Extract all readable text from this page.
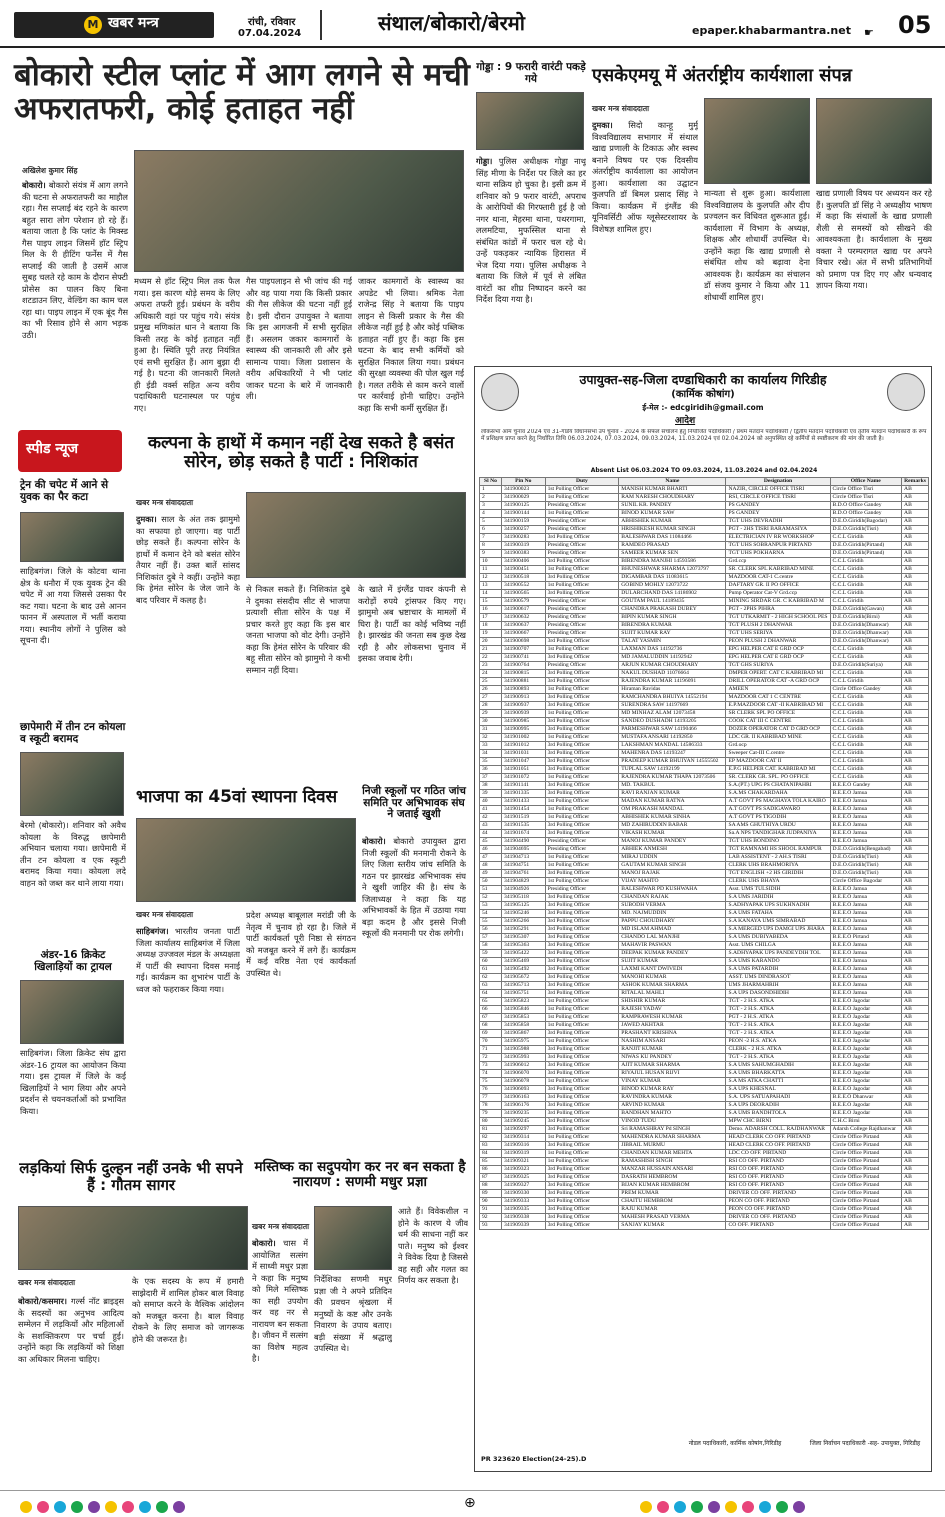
M खबर मन्त्र	रांची, रविवार
07.04.2024	संथाल/बोकारो/बेरमो	epaper.khabarmantra.net ☛ 05
बोकारो स्टील प्लांट में आग लगने से मची अफरातफरी, कोई हताहत नहीं
अखिलेश कुमार सिंह
बोकारो। बोकारो संयंत्र में आग लगने की घटना से अफरातफरी का माहौल रहा। गैस सप्लाई बंद रहने के कारण बहुत सारा लोग परेशान हो रहे हैं। बताया जाता है कि प्लांट के मिक्स्ड गैस पाइप लाइन जिसमें हॉट स्ट्रिप मिल के री हीटिंग फर्नेस में गैस सप्लाई की जाती है उसमें आज सुबह चलते रहे काम के दौरान सेफ्टी प्रोसेस का पालन किए बिना शटडाउन लिए, वेल्डिंग का काम चल रहा था। पाइप लाइन में एक बूंद गैस का भी रिसाव होने से आग भड़क उठी।
मध्यम से हॉट स्ट्रिप मिल तक फैल गया। इस कारण थोड़े समय के लिए अफरा तफरी हुई। प्रबंधन के वरीय अधिकारी वहां पर पहुंच गये। संयंत्र प्रमुख मणिकांत धान ने बताया कि किसी तरह के कोई हताहत नहीं हुआ है। स्थिति पूरी तरह नियंत्रित एवं सभी सुरक्षित हैं। आग बुझा दी गई है। घटना की जानकारी मिलते ही ईडी वर्क्स सहित अन्य वरीय पदाधिकारी घटनास्थल पर पहुंच गए।
गैस पाइपलाइन से भी जांच की गई और वह पाया गया कि किसी प्रकार की गैस लीकेज की घटना नहीं हुई है। इसी दौरान उपायुक्त ने बताया कि इस आगजनी में सभी सुरक्षित हैं। असलम जकार कामगारों के स्वास्थ्य की जानकारी ली और इसे सामान्य पाया। जिला प्रशासन के वरीय अधिकारियों ने भी प्लांट जाकर घटना के बारे में जानकारी ली।
जाकर कामगारों के स्वास्थ्य का अपडेट भी लिया। श्रमिक नेता राजेन्द्र सिंह ने बताया कि पाइप लाइन से किसी प्रकार के गैस की लीकेज नहीं हुई है और कोई पब्लिक हताहत नहीं हुए हैं। कहा कि इस घटना के बाद सभी कर्मियों को सुरक्षित निकाल लिया गया। प्रबंधन की सुरक्षा व्यवस्था की पोल खुल गई है। गलत तरीके से काम करने वालों पर कार्रवाई होनी चाहिए। उन्होंने कहा कि सभी कर्मी सुरक्षित हैं।
गोड्डा : 9 फरारी वारंटी पकड़े गये
गोड्डा। पुलिस अधीक्षक गोड्डा नाथू सिंह मीणा के निर्देश पर जिले का हर थाना सक्रिय हो चुका है। इसी क्रम में शनिवार को 9 फरार वारंटी, अपराध के आरोपियों की गिरफ्तारी हुई है जो नगर थाना, मेहरमा थाना, पथरगामा, ललमटिया, मुफस्सिल थाना से संबंधित कांडों में फरार चल रहे थे। उन्हें पकड़कर न्यायिक हिरासत में भेज दिया गया। पुलिस अधीक्षक ने बताया कि जिले में पूर्व से लंबित वारंटों का शीघ्र निष्पादन करने का निर्देश दिया गया है।
एसकेएमयू में अंतर्राष्ट्रीय कार्यशाला संपन्न
खबर मन्त्र संवाददाता
दुमका। सिदो कान्हू मुर्मू विश्वविद्यालय सभागार में संथाल खाद्य प्रणाली के टिकाऊ और स्वस्थ बनाने विषय पर एक दिवसीय अंतर्राष्ट्रीय कार्यशाला का आयोजन हुआ। कार्यशाला का उद्घाटन कुलपति डॉ बिमल प्रसाद सिंह ने किया। कार्यक्रम में इंग्लैंड की यूनिवर्सिटी ऑफ ग्लूसेस्टरशायर के विशेषज्ञ शामिल हुए।
मान्यता से शुरू हुआ। कार्यशाला विश्वविद्यालय के कुलपति और दीप प्रज्वलन कर विधिवत शुरूआत हुई। कार्यशाला में विभाग के अध्यक्ष, शिक्षक और शोधार्थी उपस्थित थे। उन्होंने कहा कि खाद्य प्रणाली से संबंधित शोध को बढ़ावा देना आवश्यक है। कार्यक्रम का संचालन डॉ संजय कुमार ने किया और 11 शोधार्थी शामिल हुए।
खाद्य प्रणाली विषय पर अध्ययन कर रहे हैं। कुलपति डॉ सिंह ने अध्यक्षीय भाषण में कहा कि संथालों के खाद्य प्रणाली शैली से समस्यों को सीखने की आवश्यकता है। कार्यशाला के मुख्य वक्ता ने परम्परागत खाद्य पर अपने विचार रखे। अंत में सभी प्रतिभागियों को प्रमाण पत्र दिए गए और धन्यवाद ज्ञापन किया गया।
उपायुक्त-सह-जिला दण्डाधिकारी का कार्यालय गिरिडीह
(कार्मिक कोषांग)
ई-मेल :- edcgiridih@gmail.com
आदेश
लोकसभा आम चुनाव 2024 एवं 31-गांडेय विधानसभा उप चुनाव - 2024 के सफल संचालन हेतु नियोजित पदाधिकारी / प्रथम मतदान पदाधिकारी / द्वितीय मतदान पदाधिकारी एवं तृतीय मतदान पदाधिकारी के रूप में प्रशिक्षण प्राप्त करने हेतु निर्धारित तिथि 06.03.2024, 07.03.2024, 09.03.2024, 11.03.2024 एवं 02.04.2024 को अनुपस्थित रहे कर्मियों से स्पष्टीकरण की मांग की जाती है।
Absent List 06.03.2024 TO 09.03.2024, 11.03.2024 and 02.04.2024
Sl No	Pin No	Duty	Name	Designation	Office Name	Remarks
1	341900023	1st Polling Officer	MANISH KUMAR BHARTI	NAZIR, CIRCLE OFFICE TISRI	Circle Office Tisri	AB
2	341900029	1st Polling Officer	RAM NARESH CHOUDHARY	RSI, CIRCLE OFFICE TISRI	Circle Office Tisri	AB
3	341900125	Presiding Officer	SUNIL KR. PANDEY	PS GANDEY	B.D.O Office Gandey	AB
4	341900144	1st Polling Officer	BINOD KUMAR SAW	PS GANDEY	B.D.O Office Gandey	AB
5	341900159	Presiding Officer	ABHISHEK KUMAR	TGT UHS DEVRADIH	D.E.O.Giridih(Bagodar)	AB
6	341900257	Presiding Officer	HRISHIKESH KUMAR SINGH	PGT - 2HS TISRI BARAMASIYA	D.E.O.Giridih(Tisri)	AB
7	341900283	3rd Polling Officer	BALESHWAR DAS 11084466	ELECTRICIAN IV RR WORKSHOP	C.C.L Giridih	AB
8	341900319	Presiding Officer	RAMDEO PRASAD	TGT UHS SOBRANPUR PIRTAND	D.E.O.Giridih(Pirtand)	AB
9	341900383	Presiding Officer	SAMEER KUMAR SEN	TGT UHS POKHARNA	D.E.O.Giridih(Pirtand)	AB
10	341900406	3rd Polling Officer	BIRENDRA MANJHI 14593586	Grd.ccp	C.C.L Giridih	AB
11	341900451	1st Polling Officer	BHUNESHWAR SHARMA 12073797	SR. CLERK SPL KABRIBAD MINE	C.C.L Giridih	AB
12	341900518	3rd Polling Officer	DIGAMBAR DAS 11083615	MAZDOOR CAT-1 C.centre	C.C.L Giridih	AB
13	341900552	1st Polling Officer	GOBIND MOHLY 12073722	DAFTARY GR. II PO OFFICE	C.C.L Giridih	AB
14	341900565	3rd Polling Officer	DULARCHAND DAS 14186902	Pump Operator Cat-V Grd.ccp	C.C.L Giridih	AB
15	341900579	Presiding Officer	GOUTAM PAUL 14189435	MINING SIRDAR GR. C KABRIBAD M	C.C.L Giridih	AB
16	341900617	Presiding Officer	CHANDRA PRAKASH DUBEY	PGT - 2PHS PIHRA	D.E.O.Giridih(Gawan)	AB
17	341900632	Presiding Officer	BIPIN KUMAR SINGH	TGT UTKARMIT - 2 HIGH SCHOOL PES	D.E.O.Giridih(Birni)	AB
18	341900637	Presiding Officer	BIRENDRA KUMAR	TGT PLUSH 2 DHANWAR	D.E.O.Giridih(Dhanwar)	AB
19	341900667	Presiding Officer	SUJIT KUMAR RAY	TGT UHS SERIYA	D.E.O.Giridih(Dhanwar)	AB
20	341900698	3rd Polling Officer	TALAT YASMIN	PEON PLUSH 2 DHANWAR	D.E.O.Giridih(Dhanwar)	AB
21	341900707	1st Polling Officer	LAXMAN DAS 14192736	EPG HELPER CAT E GRD OCP	C.C.L Giridih	AB
22	341900741	3rd Polling Officer	MD JAMALUDDIN 14192942	EPG HELPER CAT E GRD OCP	C.C.L Giridih	AB
23	341900764	Presiding Officer	ARJUN KUMAR CHOUDHARY	TGT GHS SURIYA	D.E.O.Giridih(Suriya)	AB
24	341900815	3rd Polling Officer	NAKUL DUSHAD 11076664	DMPER OPERT. CAT C KABRIBAD MI	C.C.L Giridih	AB
25	341900881	3rd Polling Officer	RAJENDRA KUMAR 14196091	DRILL OPERATOR CAT -A GRD OCP	C.C.L Giridih	AB
26	341900893	1st Polling Officer	Hiraman Ravidas	AMEEN	Circle Office Gandey	AB
27	341900913	3rd Polling Officer	RAMCHANDRA BHUIYA 14552194	MAZDOOR CAT 1 C CENTRE	C.C.L Giridih	AB
28	341900937	3rd Polling Officer	SURENDRA SAW 14197669	E.P.MAZDOOR CAT -II KABRIBAD MI	C.C.L Giridih	AB
29	341900939	1st Polling Officer	MD MINHAZ ALAM 12073458	SR CLERK SPL PO OFFICE	C.C.L Giridih	AB
30	341900985	3rd Polling Officer	SANDEO DUSHADH 14193205	COOK CAT III C CENTRE	C.C.L Giridih	AB
31	341900995	3rd Polling Officer	PARMESHWAR SAW 14190466	DOZER OPERATOR CAT D GRD OCP	C.C.L Giridih	AB
32	341901002	1st Polling Officer	MUSTAFA ANSARI 14192850	LDC GR. II KABRIBAD MINE	C.C.L Giridih	AB
33	341901012	3rd Polling Officer	LAKSHMAN MANDAL 14586333	Grd.ocp	C.C.L Giridih	AB
34	341901031	3rd Polling Officer	MAHENRA DAS 14193247	Sweeper Cat-III C.centre	C.C.L Giridih	AB
35	341901047	3rd Polling Officer	PRADEEP KUMAR BHUIYAN 14555502	EP MAZDOOR CAT II	C.C.L Giridih	AB
36	341901051	3rd Polling Officer	TUPLAL SAW 14192199	E.P.G HELPER CAT. KABRIBAD MI	C.C.L Giridih	AB
37	341901072	1st Polling Officer	RAJENDRA KUMAR THAPA 12073506	SR. CLERK GR. SPL. PO OFFICE	C.C.L Giridih	AB
38	341901141	3rd Polling Officer	MD. TAKBUL	S.A.(PT.) UPG PS CHATANIPAHRI	B.E.E.O Gandey	AB
39	341901335	3rd Polling Officer	RAVI RANJAN KUMAR	S.A.MS CHAKARDAHA	B.E.E.O Jamua	AB
40	341901433	1st Polling Officer	MADAN KUMAR RATNA	A.T GOVT PS MAGHAYA TOLA KAIRO	B.E.E.O Jamua	AB
41	341901454	1st Polling Officer	OM PRAKASH MANDAL	A.T GOVT PS SADIGAWARO	B.E.E.O Jamua	AB
42	341901519	1st Polling Officer	ABHISHEK KUMAR SINHA	A.T GOVT PS TIGODIH	B.E.E.O Jamua	AB
43	341901535	3rd Polling Officer	MD ZAHIRUDDIN BABAR	SA AMS GHUTHIYA URDU	B.E.E.O Jamua	AB
44	341901674	3rd Polling Officer	VIKASH KUMAR	Sa.A NPS TANDIGHAR JUDPANIYA	B.E.E.O Jamua	AB
45	341904490	Presiding Officer	MANOJ KUMAR PANDEY	TGT UHS BONDINO	B.E.E.O Jamua	AB
46	341904695	Presiding Officer	ABHIEK ANMESH	TGT RAMNAMI HS SHOOL RAMPUR	D.E.O.Giridih(Bengabad)	AB
47	341904713	1st Polling Officer	MIRAJ UDDIN	LAB ASSISTENT - 2 AH.S TISRI	D.E.O.Giridih(Tisri)	AB
48	341904751	1st Polling Officer	GAUTAM KUMAR SINGH	CLERK UHS BRAHMORIYA	D.E.O.Giridih(Tisri)	AB
49	341904761	3rd Polling Officer	MANOJ RAJAK	TGT ENGLISH +2 HS GIRIDIH	D.E.O.Giridih(Tisri)	AB
50	341904829	1st Polling Officer	VIJAY MAHTO	CLERK UHS BHAYA	Circle Office Bagodar	AB
51	341904926	Presiding Officer	BALESHWAR PD KUSHWAHA	Asst. UMS TULSIDIH	B.E.E.O Jamua	AB
52	341905118	3rd Polling Officer	CHANDAN RAJAK	S.A UMS JARIDIH	B.E.E.O Jamua	AB
53	341905125	3rd Polling Officer	SUBODH VERMA	S.ADHYAPAK UPS SUKHNADIH	B.E.E.O Jamua	AB
54	341905246	3rd Polling Officer	MD. NAJMUDDIN	S.A UMS FATAHA	B.E.E.O Jamua	AB
55	341905266	3rd Polling Officer	PAPPU CHOUDHARY	S.A KANAYA UMS SIMRABAD	B.E.E.O Jamua	AB
56	341905291	3rd Polling Officer	MD ISLAM AHMAD	S.A MERGED UPS DAMGI UPS JHARA	B.E.E.O Jamua	AB
57	341905307	3rd Polling Officer	CHANDO LAL MANJHI	S.A UMS DUBIYABEDA	B.E.E.O Pirtand	AB
58	341905363	3rd Polling Officer	MAHAVIR PASWAN	Asst. UMS CHILGA	B.E.E.O Jamua	AB
59	341905422	3rd Polling Officer	DEEPAK KUMAR PANDEY	S.ADHYAPAK UPS PANDEYDIH TOL	B.E.E.O Jamua	AB
60	341905469	3rd Polling Officer	SUJIT KUMAR	S.A UMS KARANDO	B.E.E.O Jamua	AB
61	341905492	3rd Polling Officer	LAXMI KANT DWIVEDI	S.A UMS PATARDIH	B.E.E.O Jamua	AB
62	341905672	3rd Polling Officer	MANOHI KUMAR	ASST. UMS DINDRASOT	B.E.E.O Jamua	AB
63	341905713	3rd Polling Officer	ASHOK KUMAR SHARMA	UMS JHARMAHRIH	B.E.E.O Jamua	AB
64	341905751	3rd Polling Officer	RITALAL MAHLI	S.A UPS DASONDHIDIH	B.E.E.O Jamua	AB
65	341905823	1st Polling Officer	SHISHIR KUMAR	TGT - 2 H.S. ATKA	B.E.E.O Jagodar	AB
66	341905846	1st Polling Officer	RAJESH YADAV	TGT - 2 H.S. ATKA	B.E.E.O Jagodar	AB
67	341905853	1st Polling Officer	RAMPRAWESH KUMAR	PGT - 2 H.S. ATKA	B.E.E.O Jagodar	AB
68	341905858	1st Polling Officer	JAWED AKHTAR	TGT - 2 H.S. ATKA	B.E.E.O Jagodar	AB
69	341905867	3rd Polling Officer	PRASHANT KRISHNA	TGT - 2 H.S. ATKA	B.E.E.O Jagodar	AB
70	341905975	1st Polling Officer	NASHIM ANSARI	PEON -2 H.S. ATKA	B.E.E.O Jagodar	AB
71	341905988	3rd Polling Officer	RANJIT KUMAR	CLERK - 2 H.S. ATKA	B.E.E.O Jagodar	AB
72	341905993	3rd Polling Officer	NIWAS KU PANDEY	TGT - 2 H.S. ATKA	B.E.E.O Jagodar	AB
73	341906012	3rd Polling Officer	AJIT KUMAR SHARMA	S.A UMS SAHUMGHADIH	B.E.E.O Jagodar	AB
74	341906070	3rd Polling Officer	RIYAJUL HUSAN RIJVI	S.A UMS BHARKATTA	B.E.E.O Jagodar	AB
75	341906078	1st Polling Officer	VINAY KUMAR	S.A MS ATKA CHATTI	B.E.E.O Jagodar	AB
76	341906093	3rd Polling Officer	BINOD KUMAR RAY	S.A UPS KHESNAL	B.E.E.O Jagodar	AB
77	341906163	3rd Polling Officer	RAVINDRA KUMAR	S.A. UPS SATUAPAHADI	B.E.E.O Dhanwar	AB
78	341906176	3rd Polling Officer	ARVIND KUMAR	S.A UPS DEORADIH	B.E.E.O Jagodar	AB
79	341909235	3rd Polling Officer	BANDHAN MAHTO	S.A UMS BANDHTOLA	B.E.E.O Jagodar	AB
80	341909245	3rd Polling Officer	VINOD TUDU	MPW CHC BIRNI	C.H.C Birni	AB
81	341909297	3rd Polling Officer	Sri RAMASHRAY Pd SINGH	Demo. ADARSH COLL. RAJDHANWAR	Adarsh College Rajdhanwar	AB
82	341909314	1st Polling Officer	MAHENDRA KUMAR SHARMA	HEAD CLERK CO OFF. PIRTAND	Circle Office Pirtand	AB
83	341909316	3rd Polling Officer	JIBRAIL MURMU	HEAD CLERK CO OFF. PIRTAND	Circle Office Pirtand	AB
84	341909319	1st Polling Officer	CHANDAN KUMAR MEHTA	LDC CO OFF. PIRTAND	Circle Office Pirtand	AB
85	341909321	1st Polling Officer	RAMASHISH SINGH	RSI CO OFF. PIRTAND	Circle Office Pirtand	AB
86	341909323	3rd Polling Officer	MANZAR HUSSAIN ANSARI	RSI CO OFF. PIRTAND	Circle Office Pirtand	AB
87	341909325	3rd Polling Officer	DASRATH HEMBROM	RSI CO OFF. PIRTAND	Circle Office Pirtand	AB
88	341909327	3rd Polling Officer	BIJAN KUMAR HEMBROM	RSI CO OFF. PIRTAND	Circle Office Pirtand	AB
89	341909330	3rd Polling Officer	PREM KUMAR	DRIVER CO OFF. PIRTAND	Circle Office Pirtand	AB
90	341909333	3rd Polling Officer	CHAITU HEMBROM	PEON CO OFF. PIRTAND	Circle Office Pirtand	AB
91	341909335	3rd Polling Officer	RAJU KUMAR	PEON CO OFF. PIRTAND	Circle Office Pirtand	AB
92	341909338	3rd Polling Officer	MAHESH PRASAD VERMA	DRIVER CO OFF. PIRTAND	Circle Office Pirtand	AB
93	341909339	3rd Polling Officer	SANJAY KUMAR	CO OFF. PIRTAND	Circle Office Pirtand	AB
PR 323620 Election(24-25).D
नोडल पदाधिकारी, कार्मिक कोषांग,गिरिडीह	जिला निर्वाचन पदाधिकारी -सह- उपायुक्त, गिरिडीह
स्पीड न्यूज
ट्रेन की चपेट में आने से युवक का पैर कटा
साहिबगंज। जिले के कोटवा थाना क्षेत्र के धनौरा में एक युवक ट्रेन की चपेट में आ गया जिससे उसका पैर कट गया। घटना के बाद उसे आनन फानन में अस्पताल में भर्ती कराया गया। स्थानीय लोगों ने पुलिस को सूचना दी।
छापेमारी में तीन टन कोयला व स्कूटी बरामद
बेरमो (बोकारो)। शनिवार को अवैध कोयला के विरुद्ध छापेमारी अभियान चलाया गया। छापेमारी में तीन टन कोयला व एक स्कूटी बरामद किया गया। कोयला लदे वाहन को जब्त कर थाने लाया गया।
अंडर-16 क्रिकेट खिलाड़ियों का ट्रायल
साहिबगंज। जिला क्रिकेट संघ द्वारा अंडर-16 ट्रायल का आयोजन किया गया। इस ट्रायल में जिले के कई खिलाड़ियों ने भाग लिया और अपने प्रदर्शन से चयनकर्ताओं को प्रभावित किया।
कल्पना के हाथों में कमान नहीं देख सकते है बसंत सोरेन, छोड़ सकते है पार्टी : निशिकांत
खबर मन्त्र संवाददाता
दुमका। साल के अंत तक झामुमो का सफाया हो जाएगा। वह पार्टी छोड़ सकते हैं। कल्पना सोरेन के हाथों में कमान देने को बसंत सोरेन तैयार नहीं हैं। उक्त बातें सांसद निशिकांत दुबे ने कहीं। उन्होंने कहा कि हेमंत सोरेन के जेल जाने के बाद परिवार में कलह है।
से निकल सकते हैं। निशिकांत दुबे ने दुमका संसदीय सीट से भाजपा प्रत्याशी सीता सोरेन के पक्ष में प्रचार करते हुए कहा कि इस बार जनता भाजपा को वोट देगी। उन्होंने कहा कि हेमंत सोरेन के परिवार की बहू सीता सोरेन को झामुमो ने कभी सम्मान नहीं दिया।
के खाते में इंग्लैंड पावर कंपनी से करोड़ों रुपये ट्रांसफर किए गए। झामुमो अब भ्रष्टाचार के मामलों में घिरा है। पार्टी का कोई भविष्य नहीं है। झारखंड की जनता सब कुछ देख रही है और लोकसभा चुनाव में इसका जवाब देगी।
भाजपा का 45वां स्थापना दिवस
खबर मन्त्र संवाददाता
साहिबगंज। भारतीय जनता पार्टी जिला कार्यालय साहिबगंज में जिला अध्यक्ष उज्जवल मंडल के अध्यक्षता में पार्टी की स्थापना दिवस मनाई गई। कार्यक्रम का शुभारंभ पार्टी के ध्वज को फहराकर किया गया।
प्रदेश अध्यक्ष बाबूलाल मरांडी जी के नेतृत्व में चुनाव हो रहा है। जिले में पार्टी कार्यकर्ता पूरी निष्ठा से संगठन को मजबूत करने में लगे हैं। कार्यक्रम में कई वरिष्ठ नेता एवं कार्यकर्ता उपस्थित थे।
निजी स्कूलों पर गठित जांच समिति पर अभिभावक संघ ने जताई खुशी
बोकारो। बोकारो उपायुक्त द्वारा निजी स्कूलों की मनमानी रोकने के लिए जिला स्तरीय जांच समिति के गठन पर झारखंड अभिभावक संघ ने खुशी जाहिर की है। संघ के जिलाध्यक्ष ने कहा कि यह अभिभावकों के हित में उठाया गया बड़ा कदम है और इससे निजी स्कूलों की मनमानी पर रोक लगेगी।
लड़कियां सिर्फ दुल्हन नहीं उनके भी सपने हैं : गौतम सागर
खबर मन्त्र संवाददाता
बोकारो/कसमार। गर्ल्स नॉट ब्राइड्स के सदस्यों का अनुभव आदित्य सम्मेलन में लड़कियों और महिलाओं के सशक्तिकरण पर चर्चा हुई। उन्होंने कहा कि लड़कियों को शिक्षा का अधिकार मिलना चाहिए।
के एक सदस्य के रूप में हमारी साझेदारी में शामिल होकर बाल विवाह को समाप्त करने के वैश्विक आंदोलन को मजबूत करना है। बाल विवाह रोकने के लिए समाज को जागरूक होने की जरूरत है।
मस्तिष्क का सदुपयोग कर नर बन सकता है नारायण : सणमी मधुर प्रज्ञा
खबर मन्त्र संवाददाता
बोकारो। चास में आयोजित सत्संग में साध्वी मधुर प्रज्ञा ने कहा कि मनुष्य को मिले मस्तिष्क का सही उपयोग कर वह नर से नारायण बन सकता है। जीवन में सत्संग का विशेष महत्व है।
निर्देशिका सणमी मधुर प्रज्ञा जी ने अपने प्रतिदिन की प्रवचन श्रृंखला में मनुष्यों के कष्ट और उनके निवारण के उपाय बताए। बड़ी संख्या में श्रद्धालु उपस्थित थे।
आते हैं। विवेकशील न होने के कारण ये जीव धर्म की साधना नहीं कर पाते। मनुष्य को ईश्वर ने विवेक दिया है जिससे वह सही और गलत का निर्णय कर सकता है।
⊕
